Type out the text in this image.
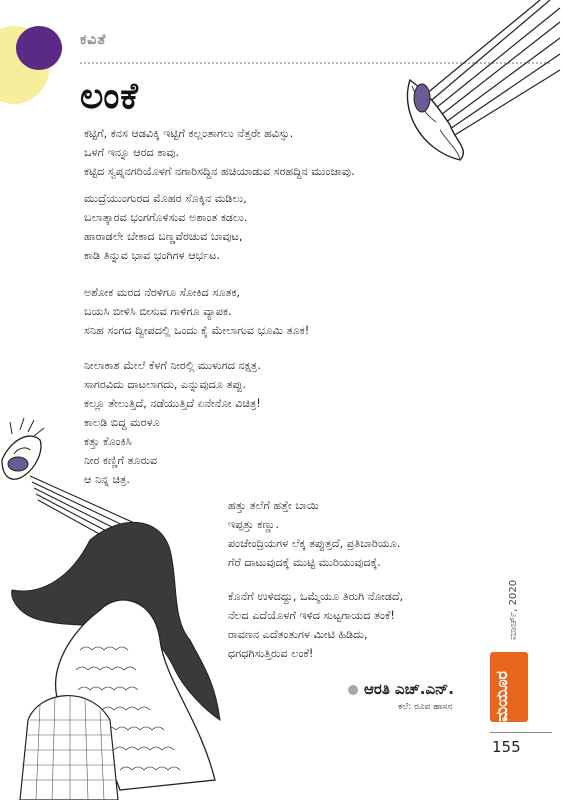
ಕವಿತೆ
ಲಂಕೆ
ಕಟ್ಟಿಗೆ, ಕನಸ ಆಡವಿಕ್ಕಿ ಇಟ್ಟಿಗೆ ಕಲ್ಲಂತಾಗಲು ನೆತ್ತರೇ ಹವಿಸ್ಸು.
ಒಳಗೆ ಇನ್ನೂ ಆರದ ಕಾವು.
ಕಟ್ಟಿದ ಸ್ವಪ್ನನಗರಿಯೊಳಗೆ ನಗಾರಿಸದ್ದಿನ ಹಚಿಯಾಡುವ ಸರಹದ್ದಿನ ಮುಂಜಾವು.
ಮುದ್ರೆಯುಂಗುರದ ಮೊಹರ ಸೊಕ್ಕಿನ ಮಡಿಲು,
ಬಲಾತ್ಕಾರವ ಭಂಗಗೊಳಿಸುವ ಅಶಾಂತ ಕಡಲು.
ಹಾರಾಡಲೇ ಬೇಕಾದ ಬಣ್ಣವೆರಚುವ ಬಾವುಟ,
ಕಾಡಿ ತಿನ್ನುವ ಭಾವ ಭಂಗಿಗಳ ಆರ್ಭಟ.
ಅಶೋಕ ಮರದ ನೆರಳಿಗೂ ಸೋಕಿದ ಸೂತಕ,
ಬಯಸಿ ಬೀಳಿಸಿ ಬೀಸುವ ಗಾಳಿಗೂ ವ್ಯಾಪಕ.
ಸನಿಹ ಸಂಗದ ದ್ವೀಪದಲ್ಲಿ ಒಂದು ಕೈ ಮೇಲಾಗುವ ಭೂಮಿ ತೂಕ!
ನೀಲಾಕಾಶ ಮೇಲೆ ಕೆಳಗೆ ನೀರಲ್ಲಿ ಮುಳುಗದ ನಕ್ಷತ್ರ.
ಸಾಗರವಿದು ದಾಟಲಾಗದು, ಎನ್ನುವುದೂ ತಪ್ಪು.
ಕಲ್ಲೂ ತೇಲುತ್ತಿದೆ, ನಡೆಯುತ್ತಿದೆ ಏನೇನೋ ವಿಚಿತ್ರ!
ಕಾಲಡಿ ಬಿದ್ದ ಮರಳೂ
ಕತ್ತು ಕೊಂಕಿಸಿ
ನೀರ ಕಣ್ಣಿಗೆ ತೂರುವ
ಆ ನಿನ್ನ ಚಿತ್ರ.
ಹತ್ತು ತಲೆಗೆ ಹತ್ತೇ ಬಾಯಿ
ಇಪ್ಪತ್ತು ಕಣ್ಣು.
ಪಂಚೇಂದ್ರಿಯಗಳ ಲೆಕ್ಕ ತಪ್ಪುತ್ತದೆ, ಪ್ರತಿಬಾರಿಯೂ.
ಗೆರೆ ದಾಟುವುದಕ್ಕೆ ಮುಟ್ಟಿ ಮುರಿಯುವುದಕ್ಕೆ.
ಕೊನೆಗೆ ಉಳಿದದ್ದು, ಒಮ್ಮೆಯೂ ತಿರುಗಿ ನೋಡದೆ,
ನೆಲದ ಎದೆಯೊಳಗೆ ಇಳಿದ ಸುಟ್ಟಗಾಯದ ತಂಕೆ!
ರಾವಣನ ಎದೆತಂತುಗಳ ಮೀಟಿ ಹಿಡಿದು,
ಧಗಧಗಿಸುತ್ತಿರುವ ಲಂಕೆ!
ಆರತಿ ಎಚ್.ಎನ್.
ಕಲೆ: ರೂಪ ಹಾಸನ
ಮಾರ್ಚ್, 2020
ಮಯೂರ
155
